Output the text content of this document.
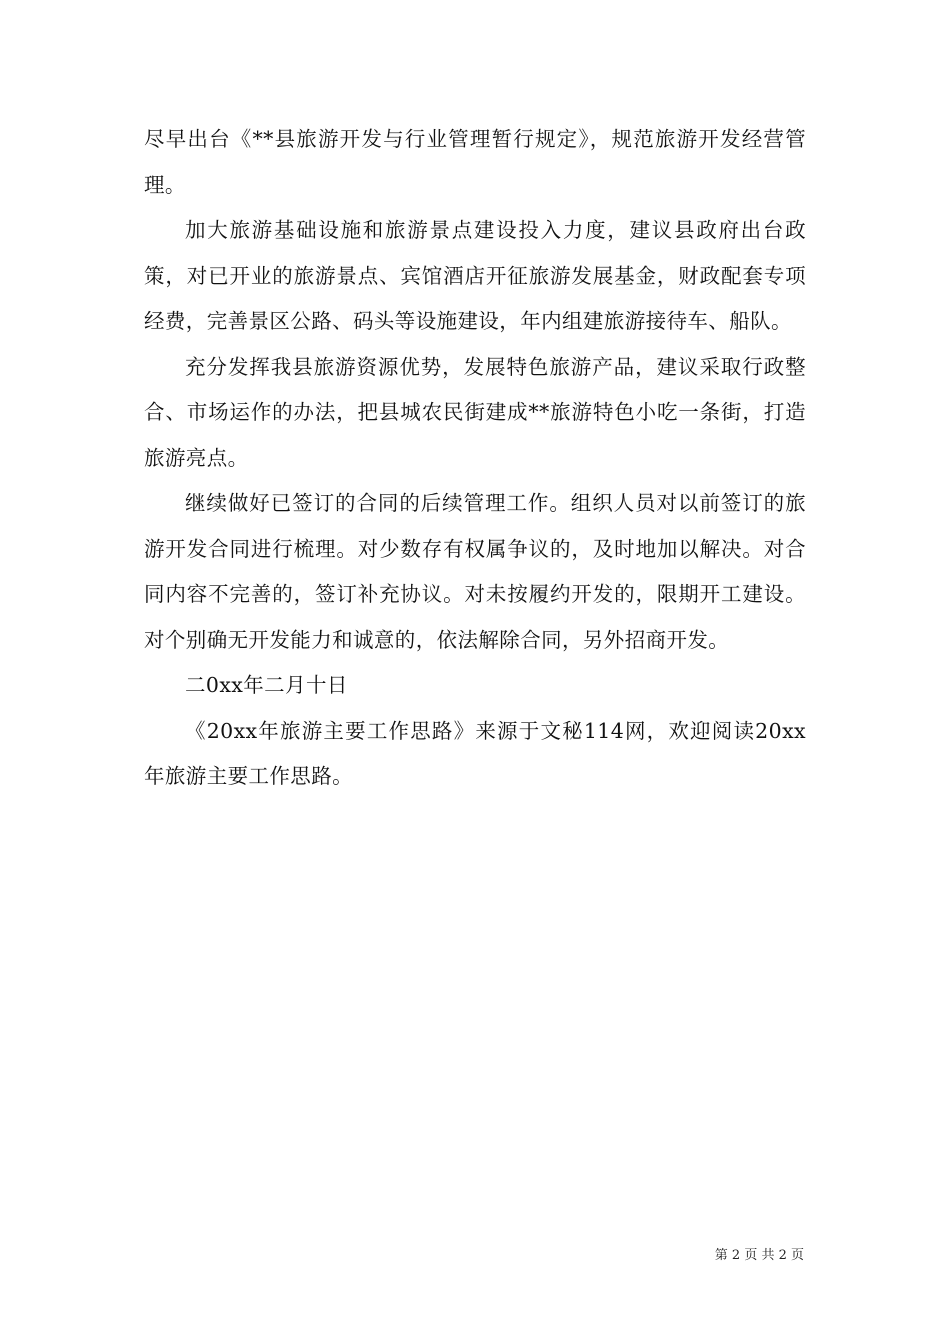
尽早出台《**县旅游开发与行业管理暂行规定》，规范旅游开发经营管理。

加大旅游基础设施和旅游景点建设投入力度，建议县政府出台政策，对已开业的旅游景点、宾馆酒店开征旅游发展基金，财政配套专项经费，完善景区公路、码头等设施建设，年内组建旅游接待车、船队。

充分发挥我县旅游资源优势，发展特色旅游产品，建议采取行政整合、市场运作的办法，把县城农民街建成**旅游特色小吃一条街，打造旅游亮点。

继续做好已签订的合同的后续管理工作。组织人员对以前签订的旅游开发合同进行梳理。对少数存有权属争议的，及时地加以解决。对合同内容不完善的，签订补充协议。对未按履约开发的，限期开工建设。对个别确无开发能力和诚意的，依法解除合同，另外招商开发。

二0xx年二月十日

《20xx年旅游主要工作思路》来源于文秘114网，欢迎阅读20xx年旅游主要工作思路。

第 2 页 共 2 页
